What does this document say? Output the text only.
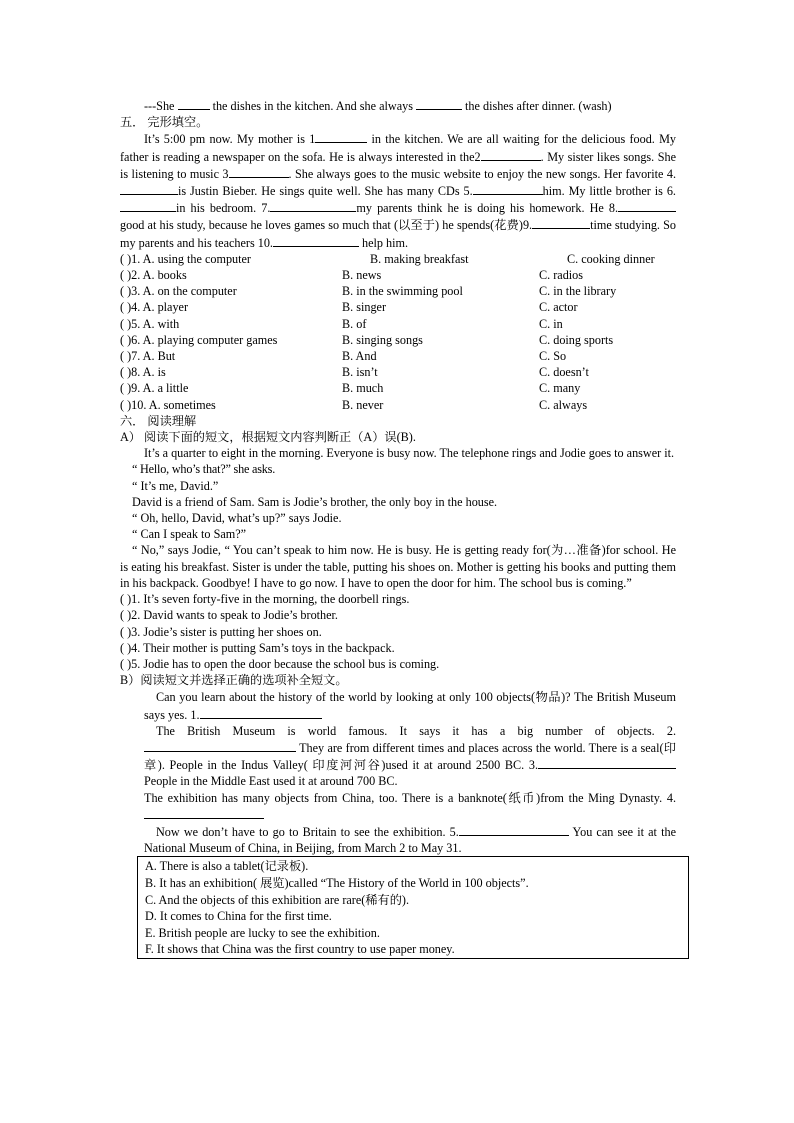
---She	the dishes in the kitchen. And she always	the dishes after dinner. (wash)
五． 完形填空。
It’s 5:00 pm now. My mother is 1	in the kitchen. We are all waiting for the delicious food. My father is reading a newspaper on the sofa. He is always interested in the2	. My sister likes songs. She is listening to music 3	. She always goes to the music website to enjoy the new songs. Her favorite 4. is Justin Bieber. He sings quite well. She has many CDs 5.	him. My little brother is 6. in his bedroom. 7.	my parents think he is doing his homework. He 8.good at his study, because he loves games so much that (以至于) he spends(花费)9.	time studying. So my parents and his teachers 10.	help him.
( )1. A. using the computer	B. making breakfast	C. cooking dinner
( )2. A. books	B. news	C. radios
( )3. A. on the computer	B. in the swimming pool	C. in the library
( )4. A. player	B. singer	C. actor
( )5. A. with	B. of	C. in
( )6. A. playing computer games	B. singing songs	C. doing sports
( )7. A. But	B. And	C. So
( )8. A. is	B. isn’t	C. doesn’t
( )9. A. a little	B. much	C. many
( )10. A. sometimes	B. never	C. always
六． 阅读理解
A） 阅读下面的短文，根据短文内容判断正（A）误(B).
It’s a quarter to eight in the morning. Everyone is busy now. The telephone rings and Jodie goes to answer it.
“ Hello, who’s that?” she asks.
“ It’s me, David.”
David is a friend of Sam. Sam is Jodie’s brother, the only boy in the house.
“ Oh, hello, David, what’s up?” says Jodie.
“ Can I speak to Sam?”
“ No,” says Jodie, “ You can’t speak to him now. He is busy. He is getting ready for(为…准备)for school. He is eating his breakfast. Sister is under the table, putting his shoes on. Mother is getting his books and putting them in his backpack. Goodbye! I have to go now. I have to open the door for him. The school bus is coming.”
( )1. It’s seven forty-five in the morning, the doorbell rings.
( )2. David wants to speak to Jodie’s brother.
( )3. Jodie’s sister is putting her shoes on.
( )4. Their mother is putting Sam’s toys in the backpack.
( )5. Jodie has to open the door because the school bus is coming.
B）阅读短文并选择正确的选项补全短文。
Can you learn about the history of the world by looking at only 100 objects(物品)? The British Museum says yes. 1.
The British Museum is world famous. It says it has a big number of objects. 2. They are from different times and places across the world. There is a seal(印章). People in the Indus Valley( 印度河河谷)used it at around 2500 BC. 3.People in the Middle East used it at around 700 BC.
The exhibition has many objects from China, too. There is a banknote(纸币)from the Ming Dynasty. 4.
Now we don’t have to go to Britain to see the exhibition. 5.	You can see it at the National Museum of China, in Beijing, from March 2 to May 31.
A. There is also a tablet(记录板).
B. It has an exhibition( 展览)called “The History of the World in 100 objects”.
C. And the objects of this exhibition are rare(稀有的).
D. It comes to China for the first time.
E. British people are lucky to see the exhibition.
F. It shows that China was the first country to use paper money.
